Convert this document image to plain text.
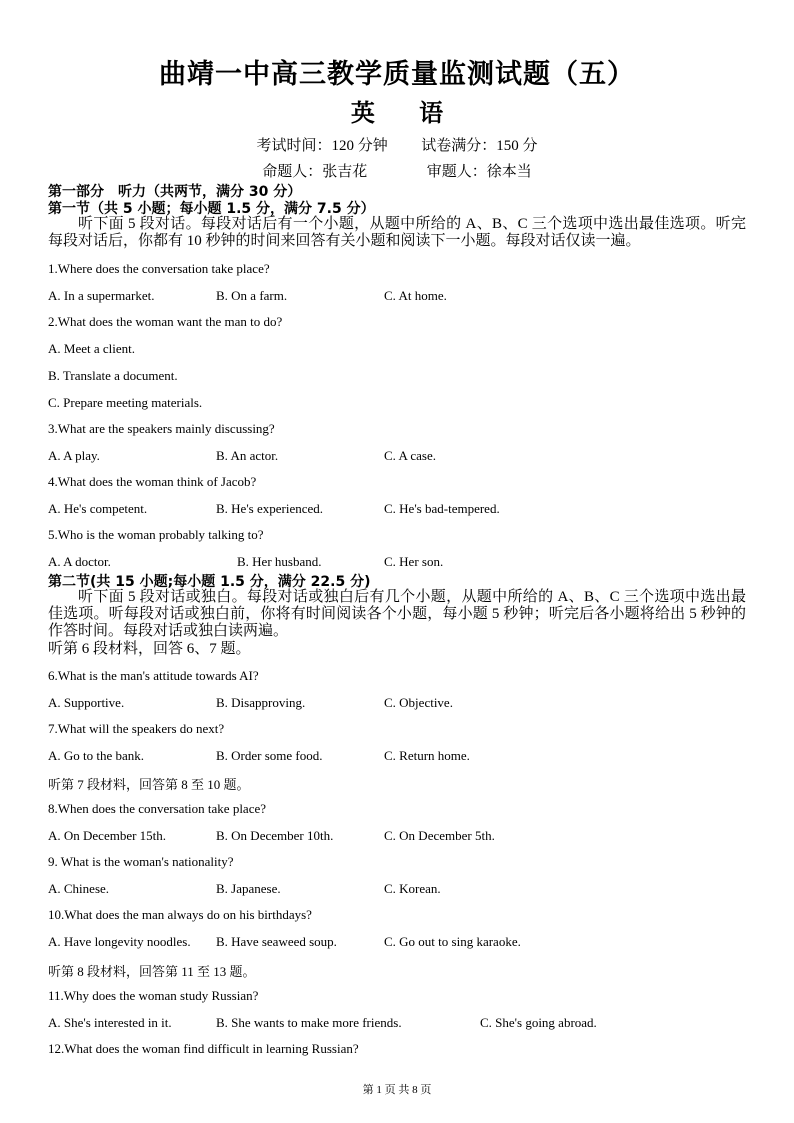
曲靖一中高三教学质量监测试题（五）
英 语
考试时间：120 分钟 试卷满分：150 分
命题人：张吉花	审题人：徐本当
第一部分　听力（共两节，满分 30 分）
第一节（共 5 小题；每小题 1.5 分，满分 7.5 分）
听下面 5 段对话。每段对话后有一个小题，从题中所给的 A、B、C 三个选项中选出最佳选项。听完每段对话后，你都有 10 秒钟的时间来回答有关小题和阅读下一小题。每段对话仅读一遍。
1.Where does the conversation take place?
A. In a supermarket.	B. On a farm.	C. At home.
2.What does the woman want the man to do?
A. Meet a client.
B. Translate a document.
C. Prepare meeting materials.
3.What are the speakers mainly discussing?
A. A play.	B. An actor.	C. A case.
4.What does the woman think of Jacob?
A. He's competent.	B. He's experienced.	C. He's bad-tempered.
5.Who is the woman probably talking to?
A. A doctor.	B. Her husband.	C. Her son.
第二节(共 15 小题;每小题 1.5 分，满分 22.5 分)
听下面 5 段对话或独白。每段对话或独白后有几个小题，从题中所给的 A、B、C 三个选项中选出最佳选项。听每段对话或独白前，你将有时间阅读各个小题，每小题 5 秒钟；听完后各小题将给出 5 秒钟的作答时间。每段对话或独白读两遍。
听第 6 段材料，回答 6、7 题。
6.What is the man's attitude towards AI?
A. Supportive.	B. Disapproving.	C. Objective.
7.What will the speakers do next?
A. Go to the bank.	B. Order some food.	C. Return home.
听第 7 段材料，回答第 8 至 10 题。
8.When does the conversation take place?
A. On December 15th.	B. On December 10th.	C. On December 5th.
9. What is the woman's nationality?
A. Chinese.	B. Japanese.	C. Korean.
10.What does the man always do on his birthdays?
A. Have longevity noodles. B. Have seaweed soup.	C. Go out to sing karaoke.
听第 8 段材料，回答第 11 至 13 题。
11.Why does the woman study Russian?
A. She's interested in it.	B. She wants to make more friends.	C. She's going abroad.
12.What does the woman find difficult in learning Russian?
第 1 页 共 8 页
